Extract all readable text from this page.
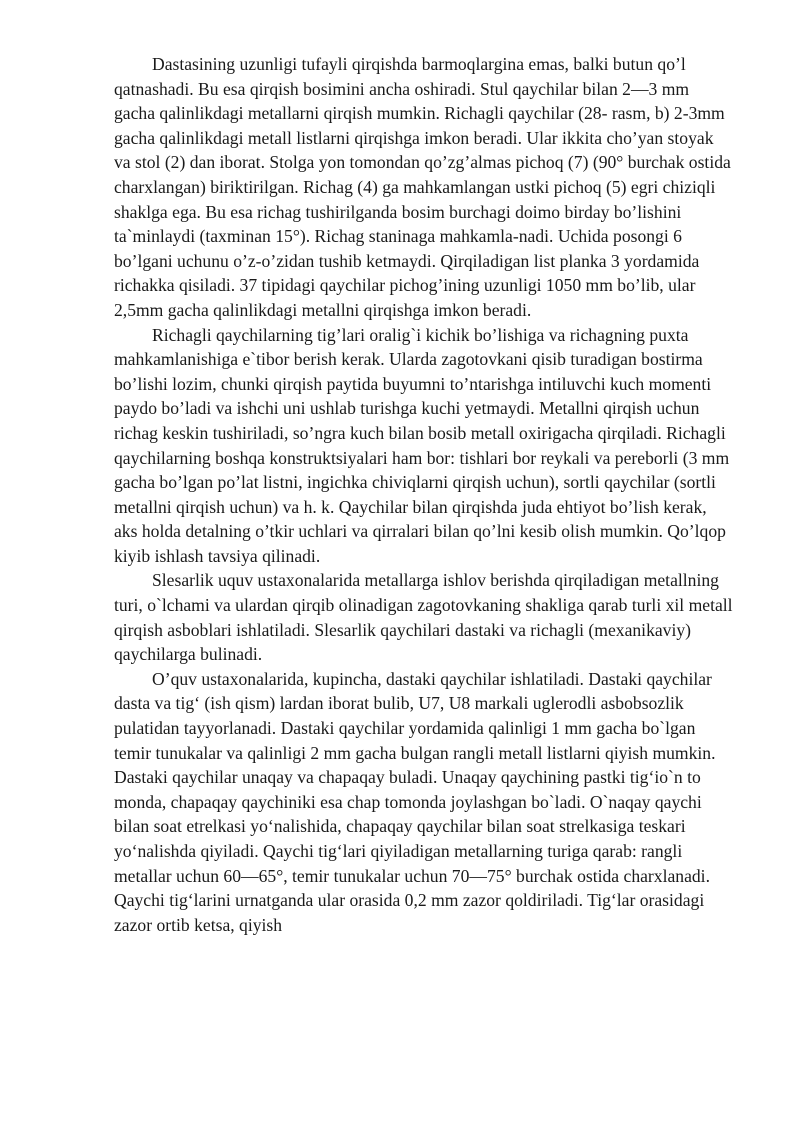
Dastasining uzunligi tufayli qirqishda barmoqlargina emas, balki butun qo’l qatnashadi. Bu esa qirqish bosimini ancha oshiradi. Stul qaychilar bilan 2—3 mm gacha qalinlikdagi metallarni qirqish mumkin. Richagli qaychilar (28- rasm, b) 2-3mm gacha qalinlikdagi metall listlarni qirqishga imkon beradi. Ular ikkita cho’yan stoyak va stol (2) dan iborat. Stolga yon tomondan qo’zg’almas pichoq (7) (90° burchak ostida charxlangan) biriktirilgan. Richag (4) ga mahkamlangan ustki pichoq (5) egri chiziqli shaklga ega. Bu esa richag tushirilganda bosim burchagi doimo birday bo’lishini ta`minlaydi (taxminan 15°). Richag staninaga mahkamla-nadi. Uchida posongi 6 bo’lgani uchunu o’z-o’zidan tushib ketmaydi. Qirqiladigan list planka 3 yordamida richakka qisiladi. 37 tipidagi qaychilar pichog’ining uzunligi 1050 mm bo’lib, ular 2,5mm gacha qalinlikdagi metallni qirqishga imkon beradi.

Richagli qaychilarning tig’lari oralig`i kichik bo’lishiga va richagning puxta mahkamlanishiga e`tibor berish kerak. Ularda zagotovkani qisib turadigan bostirma bo’lishi lozim, chunki qirqish paytida buyumni to’ntarishga intiluvchi kuch momenti paydo bo’ladi va ishchi uni ushlab turishga kuchi yetmaydi. Metallni qirqish uchun richag keskin tushiriladi, so’ngra kuch bilan bosib metall oxirigacha qirqiladi. Richagli qaychilarning boshqa konstruktsiyalari ham bor: tishlari bor reykali va pereborli (3 mm gacha bo’lgan po’lat listni, ingichka chiviqlarni qirqish uchun), sortli qaychilar (sortli metallni qirqish uchun) va h. k. Qaychilar bilan qirqishda juda ehtiyot bo’lish kerak, aks holda detalning o’tkir uchlari va qirralari bilan qo’lni kesib olish mumkin. Qo’lqop kiyib ishlash tavsiya qilinadi.

Slesarlik uquv ustaxonalarida metallarga ishlov berishda qirqiladigan metallning turi, o`lchami va ulardan qirqib olinadigan zagotovkaning shakliga qarab turli xil metall qirqish asboblari ishlatiladi. Slesarlik qaychilari dastaki va richagli (mexanikaviy) qaychilarga bulinadi.

O’quv ustaxonalarida, kupincha, dastaki qaychilar ishlatiladi. Dastaki qaychilar dasta va tig‘ (ish qism) lardan iborat bulib, U7, U8 markali uglerodli asbobsozlik pulatidan tayyorlanadi. Dastaki qaychilar yordamida qalinligi 1 mm gacha bo`lgan temir tunukalar va qalinligi 2 mm gacha bulgan rangli metall listlarni qiyish mumkin. Dastaki qaychilar unaqay va chapaqay buladi. Unaqay qaychining pastki tig‘io`n to monda, chapaqay qaychiniki esa chap tomonda joylashgan bo`ladi. O`naqay qaychi bilan soat etrelkasi yo‘nalishida, chapaqay qaychilar bilan soat strelkasiga teskari yo‘nalishda qiyiladi. Qaychi tig‘lari qiyiladigan metallarning turiga qarab: rangli metallar uchun 60—65°, temir tunukalar uchun 70—75° burchak ostida charxlanadi. Qaychi tig‘larini urnatganda ular orasida 0,2 mm zazor qoldiriladi. Tig‘lar orasidagi zazor ortib ketsa, qiyish
